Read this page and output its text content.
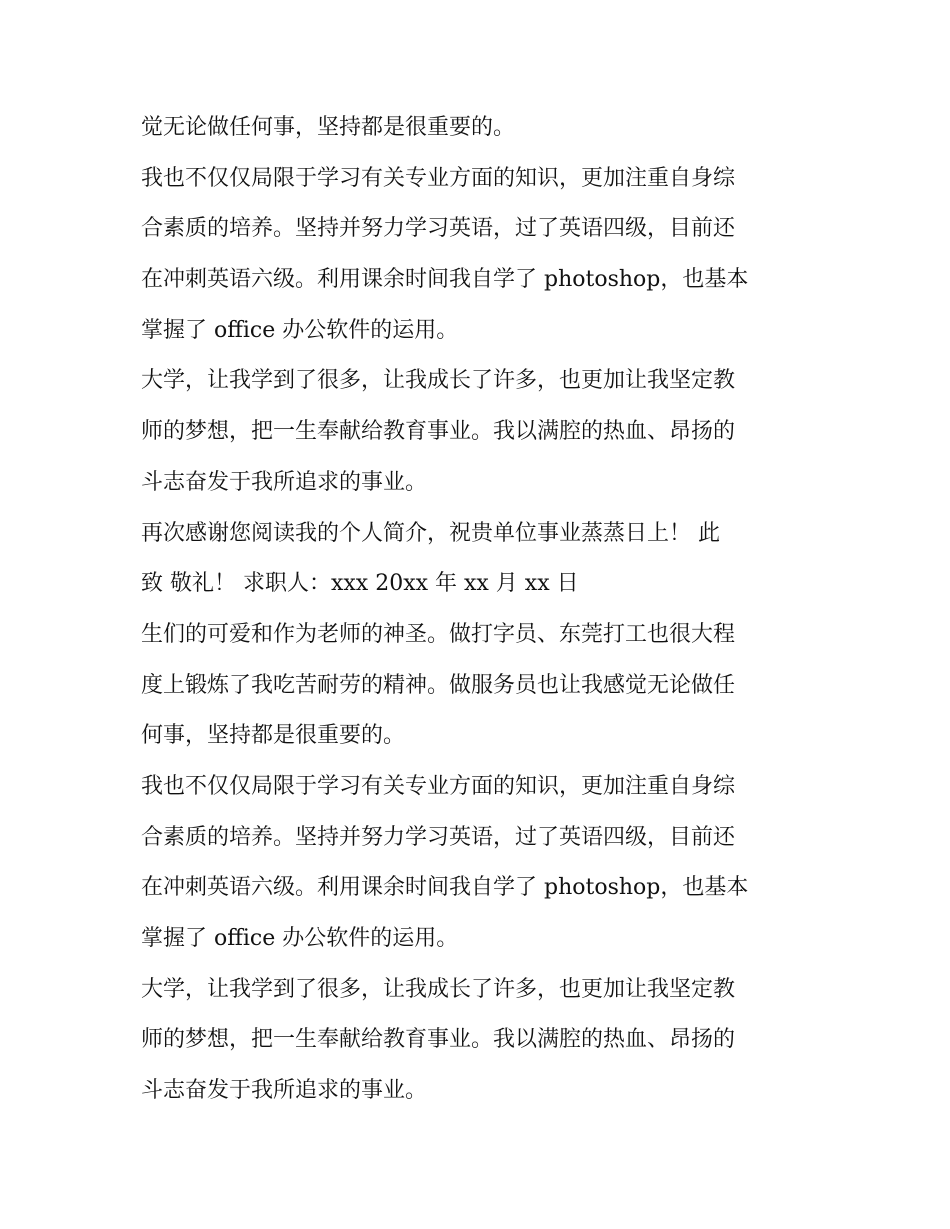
觉无论做任何事，坚持都是很重要的。
我也不仅仅局限于学习有关专业方面的知识，更加注重自身综
合素质的培养。坚持并努力学习英语，过了英语四级，目前还
在冲刺英语六级。利用课余时间我自学了 photoshop，也基本
掌握了 office 办公软件的运用。
大学，让我学到了很多，让我成长了许多，也更加让我坚定教
师的梦想，把一生奉献给教育事业。我以满腔的热血、昂扬的
斗志奋发于我所追求的事业。
再次感谢您阅读我的个人简介，祝贵单位事业蒸蒸日上！ 此
致 敬礼！ 求职人：xxx 20xx 年 xx 月 xx 日
生们的可爱和作为老师的神圣。做打字员、东莞打工也很大程
度上锻炼了我吃苦耐劳的精神。做服务员也让我感觉无论做任
何事，坚持都是很重要的。
我也不仅仅局限于学习有关专业方面的知识，更加注重自身综
合素质的培养。坚持并努力学习英语，过了英语四级，目前还
在冲刺英语六级。利用课余时间我自学了 photoshop，也基本
掌握了 office 办公软件的运用。
大学，让我学到了很多，让我成长了许多，也更加让我坚定教
师的梦想，把一生奉献给教育事业。我以满腔的热血、昂扬的
斗志奋发于我所追求的事业。
